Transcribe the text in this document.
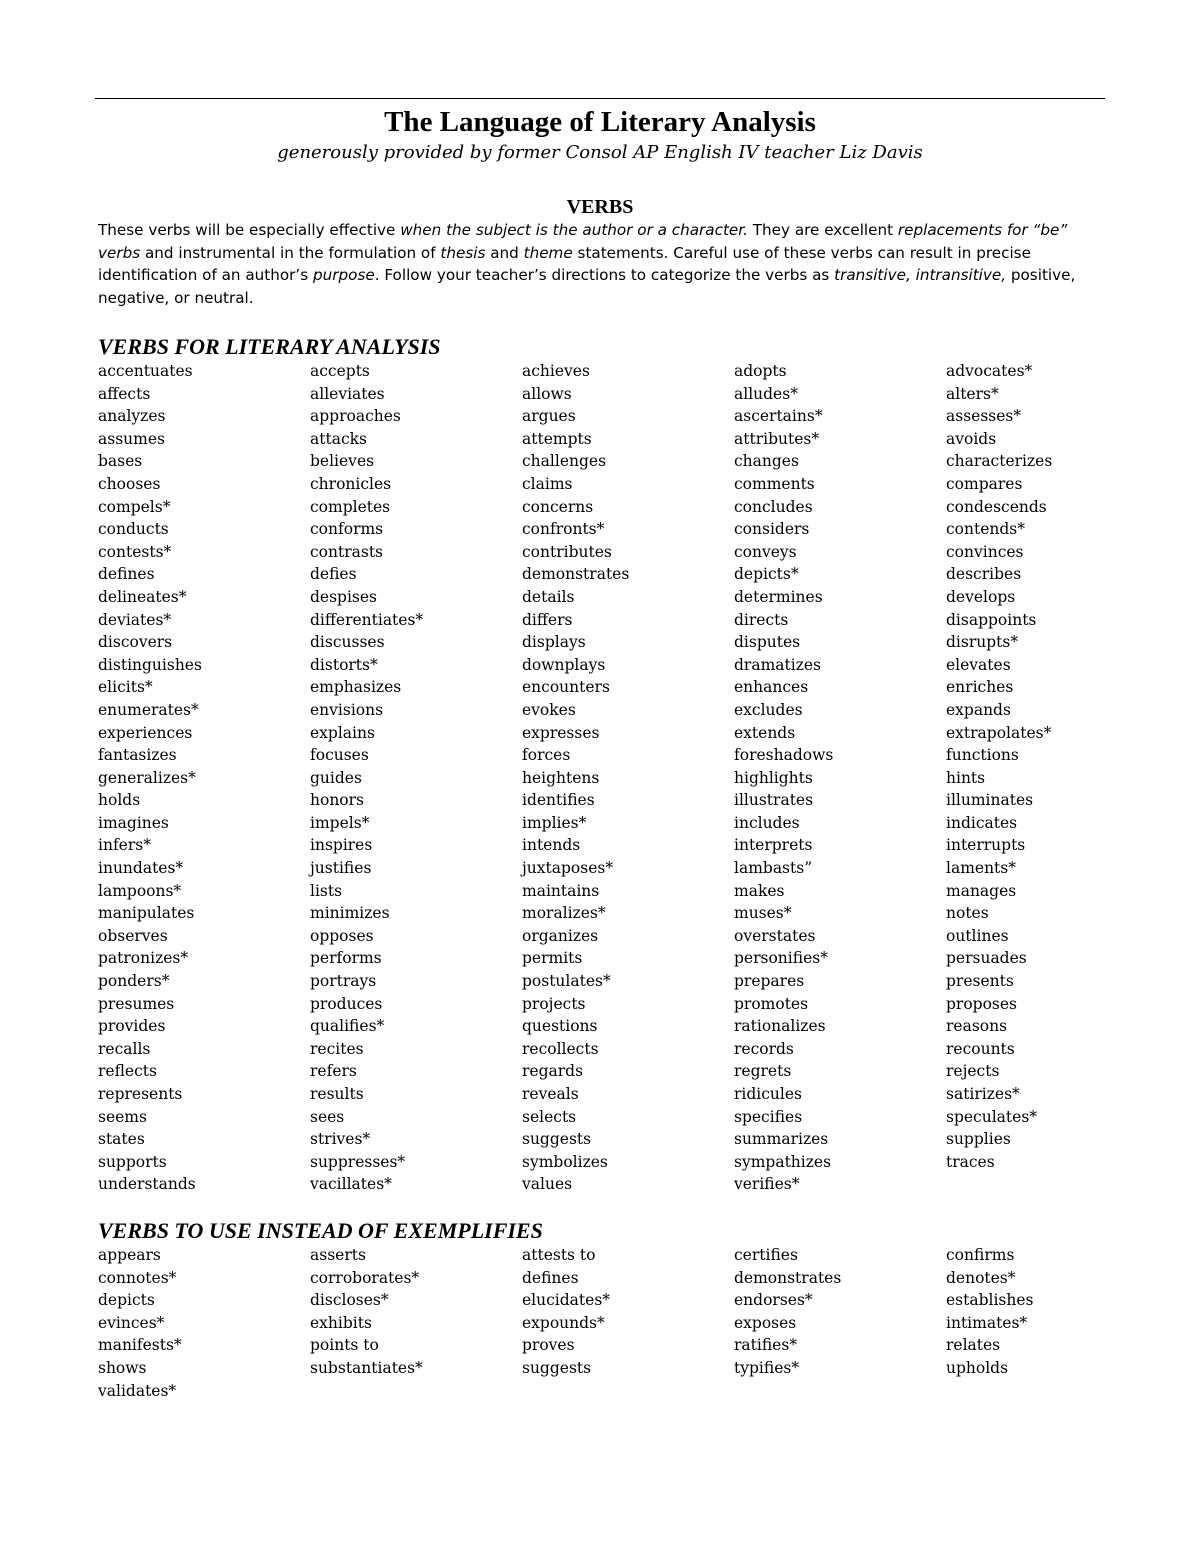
The Language of Literary Analysis
generously provided by former Consol AP English IV teacher Liz Davis
VERBS
These verbs will be especially effective when the subject is the author or a character. They are excellent replacements for “be” verbs and instrumental in the formulation of thesis and theme statements. Careful use of these verbs can result in precise identification of an author’s purpose. Follow your teacher’s directions to categorize the verbs as transitive, intransitive, positive, negative, or neutral.
VERBS FOR LITERARY ANALYSIS
accentuates	accepts	achieves	adopts	advocates*
affects	alleviates	allows	alludes*	alters*
analyzes	approaches	argues	ascertains*	assesses*
assumes	attacks	attempts	attributes*	avoids
bases	believes	challenges	changes	characterizes
chooses	chronicles	claims	comments	compares
compels*	completes	concerns	concludes	condescends
conducts	conforms	confronts*	considers	contends*
contests*	contrasts	contributes	conveys	convinces
defines	defies	demonstrates	depicts*	describes
delineates*	despises	details	determines	develops
deviates*	differentiates*	differs	directs	disappoints
discovers	discusses	displays	disputes	disrupts*
distinguishes	distorts*	downplays	dramatizes	elevates
elicits*	emphasizes	encounters	enhances	enriches
enumerates*	envisions	evokes	excludes	expands
experiences	explains	expresses	extends	extrapolates*
fantasizes	focuses	forces	foreshadows	functions
generalizes*	guides	heightens	highlights	hints
holds	honors	identifies	illustrates	illuminates
imagines	impels*	implies*	includes	indicates
infers*	inspires	intends	interprets	interrupts
inundates*	justifies	juxtaposes*	lambasts”	laments*
lampoons*	lists	maintains	makes	manages
manipulates	minimizes	moralizes*	muses*	notes
observes	opposes	organizes	overstates	outlines
patronizes*	performs	permits	personifies*	persuades
ponders*	portrays	postulates*	prepares	presents
presumes	produces	projects	promotes	proposes
provides	qualifies*	questions	rationalizes	reasons
recalls	recites	recollects	records	recounts
reflects	refers	regards	regrets	rejects
represents	results	reveals	ridicules	satirizes*
seems	sees	selects	specifies	speculates*
states	strives*	suggests	summarizes	supplies
supports	suppresses*	symbolizes	sympathizes	traces
understands	vacillates*	values	verifies*
VERBS TO USE INSTEAD OF EXEMPLIFIES
appears	asserts	attests to	certifies	confirms
connotes*	corroborates*	defines	demonstrates	denotes*
depicts	discloses*	elucidates*	endorses*	establishes
evinces*	exhibits	expounds*	exposes	intimates*
manifests*	points to	proves	ratifies*	relates
shows	substantiates*	suggests	typifies*	upholds
validates*
